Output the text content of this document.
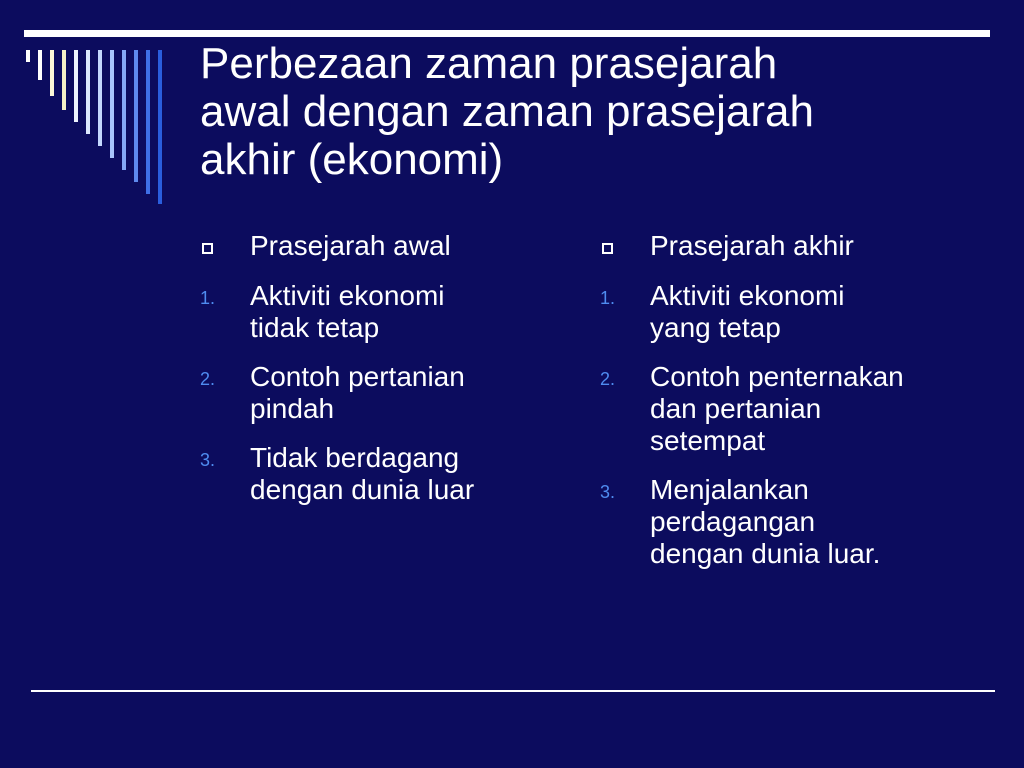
Perbezaan zaman prasejarah
awal dengan zaman prasejarah
akhir (ekonomi)
Prasejarah awal
1. Aktiviti ekonomi
tidak tetap
2. Contoh pertanian
pindah
3. Tidak berdagang
dengan dunia luar
Prasejarah akhir
1. Aktiviti ekonomi
yang tetap
2. Contoh penternakan
dan pertanian
setempat
3. Menjalankan
perdagangan
dengan dunia luar.
